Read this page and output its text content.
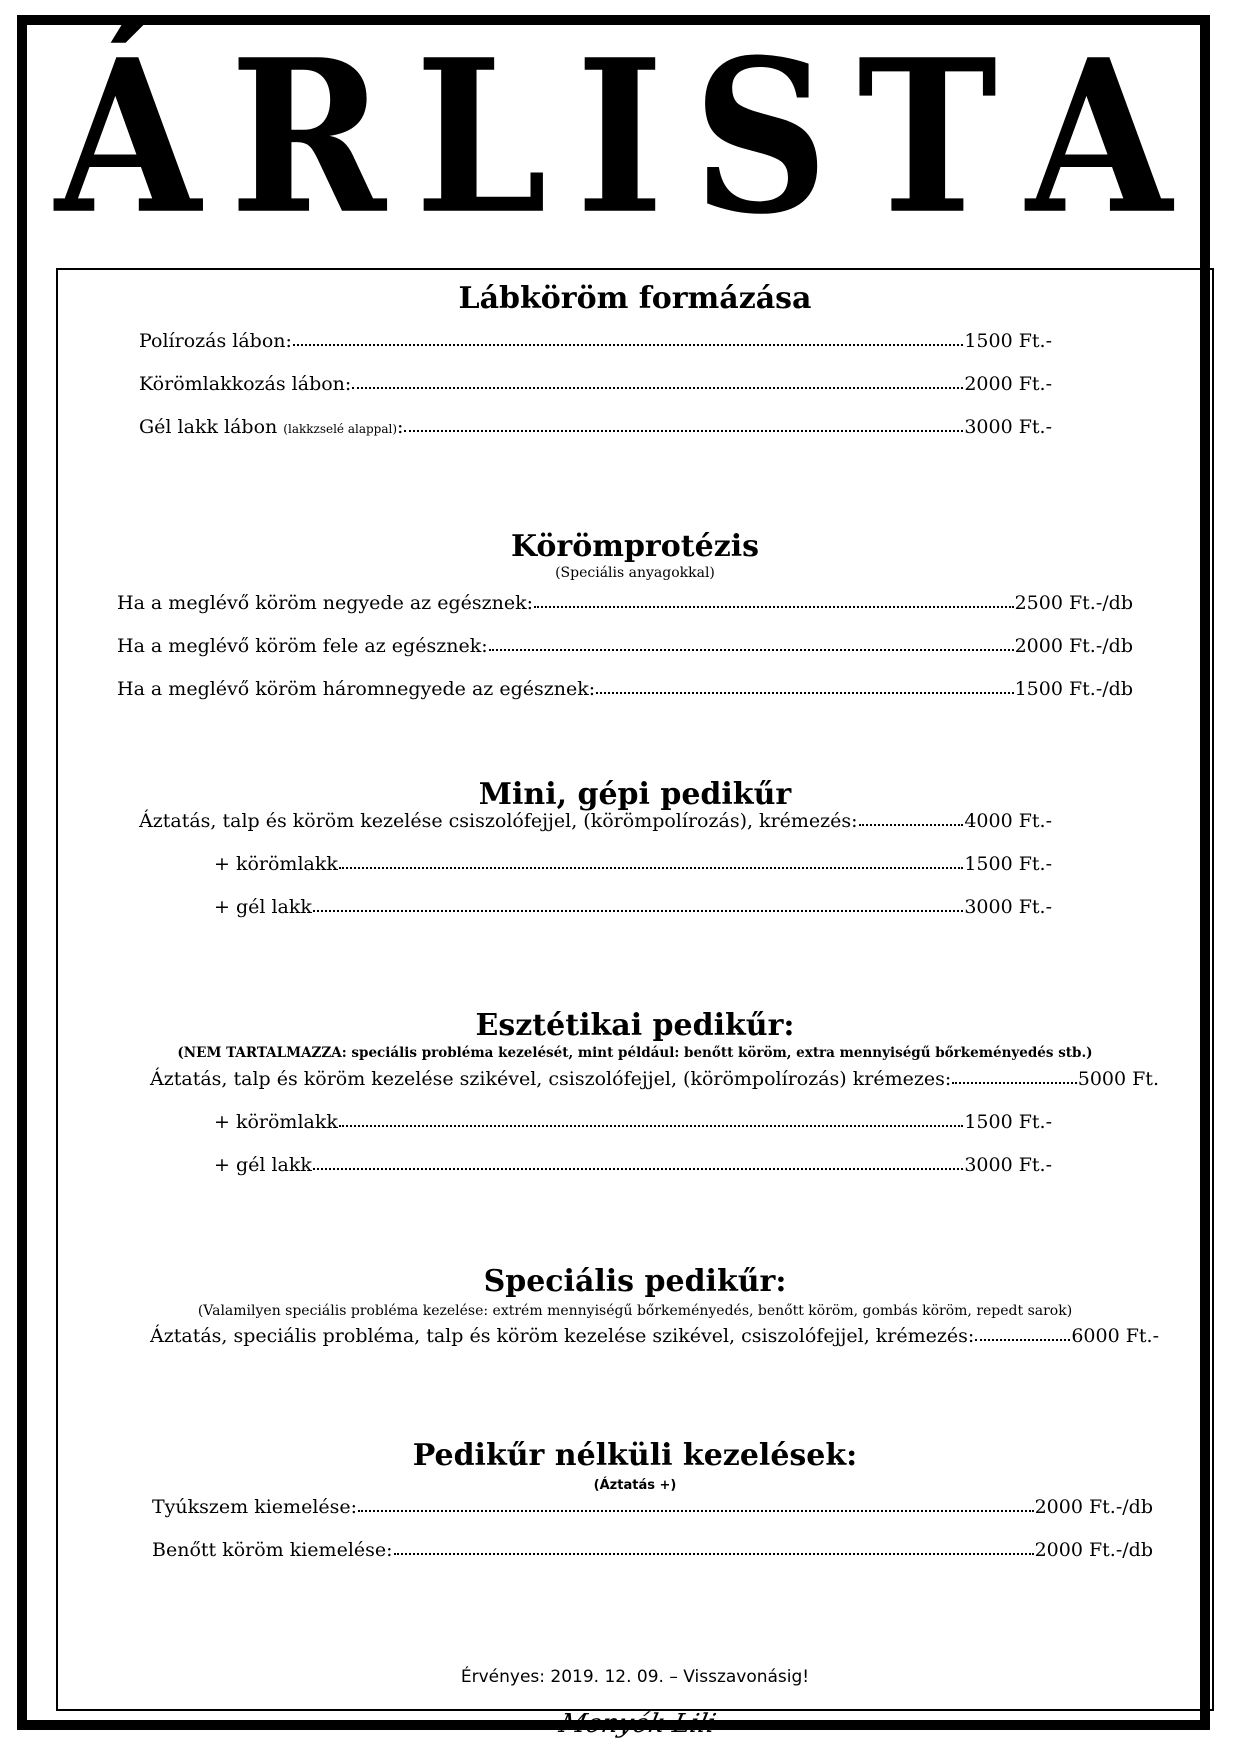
Á R L I S T A
Lábköröm formázása
Polírozás lábon:	1500 Ft.-
Körömlakkozás lábon:	2000 Ft.-
Gél lakk lábon (lakkzselé alappal):	3000 Ft.-
Körömprotézis
(Speciális anyagokkal)
Ha a meglévő köröm negyede az egésznek:	2500 Ft.-/db
Ha a meglévő köröm fele az egésznek:	2000 Ft.-/db
Ha a meglévő köröm háromnegyede az egésznek:	1500 Ft.-/db
Mini, gépi pedikűr
Áztatás, talp és köröm kezelése csiszolófejjel, (körömpolírozás), krémezés:	4000 Ft.-
+ körömlakk	1500 Ft.-
+ gél lakk	3000 Ft.-
Esztétikai pedikűr:
(NEM TARTALMAZZA: speciális probléma kezelését, mint például: benőtt köröm, extra mennyiségű bőrkeményedés stb.)
Áztatás, talp és köröm kezelése szikével, csiszolófejjel, (körömpolírozás) krémezes:	5000 Ft.
+ körömlakk	1500 Ft.-
+ gél lakk	3000 Ft.-
Speciális pedikűr:
(Valamilyen speciális probléma kezelése: extrém mennyiségű bőrkeményedés, benőtt köröm, gombás köröm, repedt sarok)
Áztatás, speciális probléma, talp és köröm kezelése szikével, csiszolófejjel, krémezés:	6000 Ft.-
Pedikűr nélküli kezelések:
(Áztatás +)
Tyúkszem kiemelése:	2000 Ft.-/db
Benőtt köröm kiemelése:	2000 Ft.-/db
Érvényes: 2019. 12. 09. – Visszavonásig!
Monyók Lili
